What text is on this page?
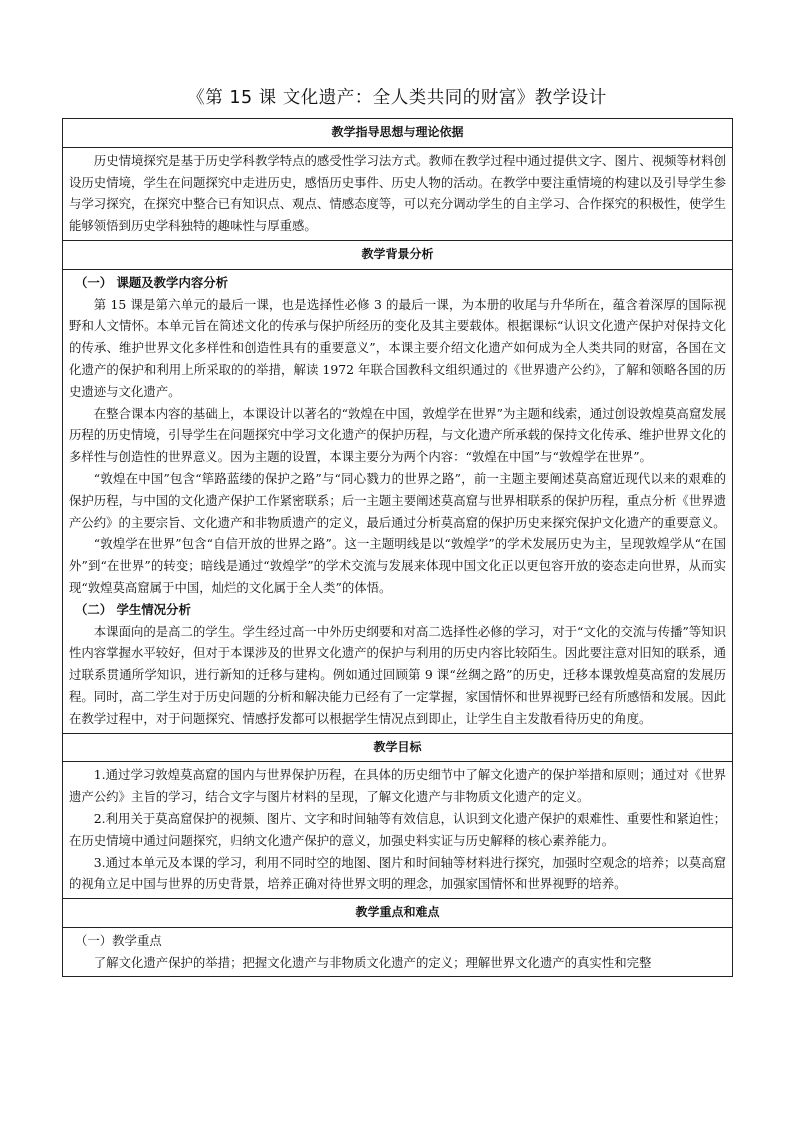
《第 15 课 文化遗产：全人类共同的财富》教学设计
教学指导思想与理论依据

历史情境探究是基于历史学科教学特点的感受性学习法方式。教师在教学过程中通过提供文字、图片、视频等材料创设历史情境，学生在问题探究中走进历史，感悟历史事件、历史人物的活动。在教学中要注重情境的构建以及引导学生参与学习探究，在探究中整合已有知识点、观点、情感态度等，可以充分调动学生的自主学习、合作探究的积极性，使学生能够领悟到历史学科独特的趣味性与厚重感。

教学背景分析

（一） 课题及教学内容分析

第 15 课是第六单元的最后一课，也是选择性必修 3 的最后一课，为本册的收尾与升华所在，蕴含着深厚的国际视野和人文情怀。本单元旨在简述文化的传承与保护所经历的变化及其主要载体。根据课标“认识文化遗产保护对保持文化的传承、维护世界文化多样性和创造性具有的重要意义”，本课主要介绍文化遗产如何成为全人类共同的财富，各国在文化遗产的保护和利用上所采取的的举措，解读 1972 年联合国教科文组织通过的《世界遗产公约》，了解和领略各国的历史遗迹与文化遗产。

在整合课本内容的基础上，本课设计以著名的“敦煌在中国，敦煌学在世界”为主题和线索，通过创设敦煌莫高窟发展历程的历史情境，引导学生在问题探究中学习文化遗产的保护历程，与文化遗产所承载的保持文化传承、维护世界文化的多样性与创造性的世界意义。因为主题的设置，本课主要分为两个内容：“敦煌在中国”与“敦煌学在世界”。

“敦煌在中国”包含“筚路蓝缕的保护之路”与“同心戮力的世界之路”，前一主题主要阐述莫高窟近现代以来的艰难的保护历程，与中国的文化遗产保护工作紧密联系；后一主题主要阐述莫高窟与世界相联系的保护历程，重点分析《世界遗产公约》的主要宗旨、文化遗产和非物质遗产的定义，最后通过分析莫高窟的保护历史来探究保护文化遗产的重要意义。

“敦煌学在世界”包含“自信开放的世界之路”。这一主题明线是以“敦煌学”的学术发展历史为主，呈现敦煌学从“在国外”到“在世界”的转变；暗线是通过“敦煌学”的学术交流与发展来体现中国文化正以更包容开放的姿态走向世界，从而实现“敦煌莫高窟属于中国，灿烂的文化属于全人类”的体悟。

（二） 学生情况分析

本课面向的是高二的学生。学生经过高一中外历史纲要和对高二选择性必修的学习，对于“文化的交流与传播”等知识性内容掌握水平较好，但对于本课涉及的世界文化遗产的保护与利用的历史内容比较陌生。因此要注意对旧知的联系，通过联系贯通所学知识，进行新知的迁移与建构。例如通过回顾第 9 课“丝绸之路”的历史，迁移本课敦煌莫高窟的发展历程。同时，高二学生对于历史问题的分析和解决能力已经有了一定掌握，家国情怀和世界视野已经有所感悟和发展。因此在教学过程中，对于问题探究、情感抒发都可以根据学生情况点到即止，让学生自主发散看待历史的角度。

教学目标

1.通过学习敦煌莫高窟的国内与世界保护历程，在具体的历史细节中了解文化遗产的保护举措和原则；通过对《世界遗产公约》主旨的学习，结合文字与图片材料的呈现，了解文化遗产与非物质文化遗产的定义。

2.利用关于莫高窟保护的视频、图片、文字和时间轴等有效信息，认识到文化遗产保护的艰难性、重要性和紧迫性；在历史情境中通过问题探究，归纳文化遗产保护的意义，加强史料实证与历史解释的核心素养能力。

3.通过本单元及本课的学习，利用不同时空的地图、图片和时间轴等材料进行探究，加强时空观念的培养；以莫高窟的视角立足中国与世界的历史背景，培养正确对待世界文明的理念，加强家国情怀和世界视野的培养。

教学重点和难点

（一）教学重点

了解文化遗产保护的举措；把握文化遗产与非物质文化遗产的定义；理解世界文化遗产的真实性和完整
